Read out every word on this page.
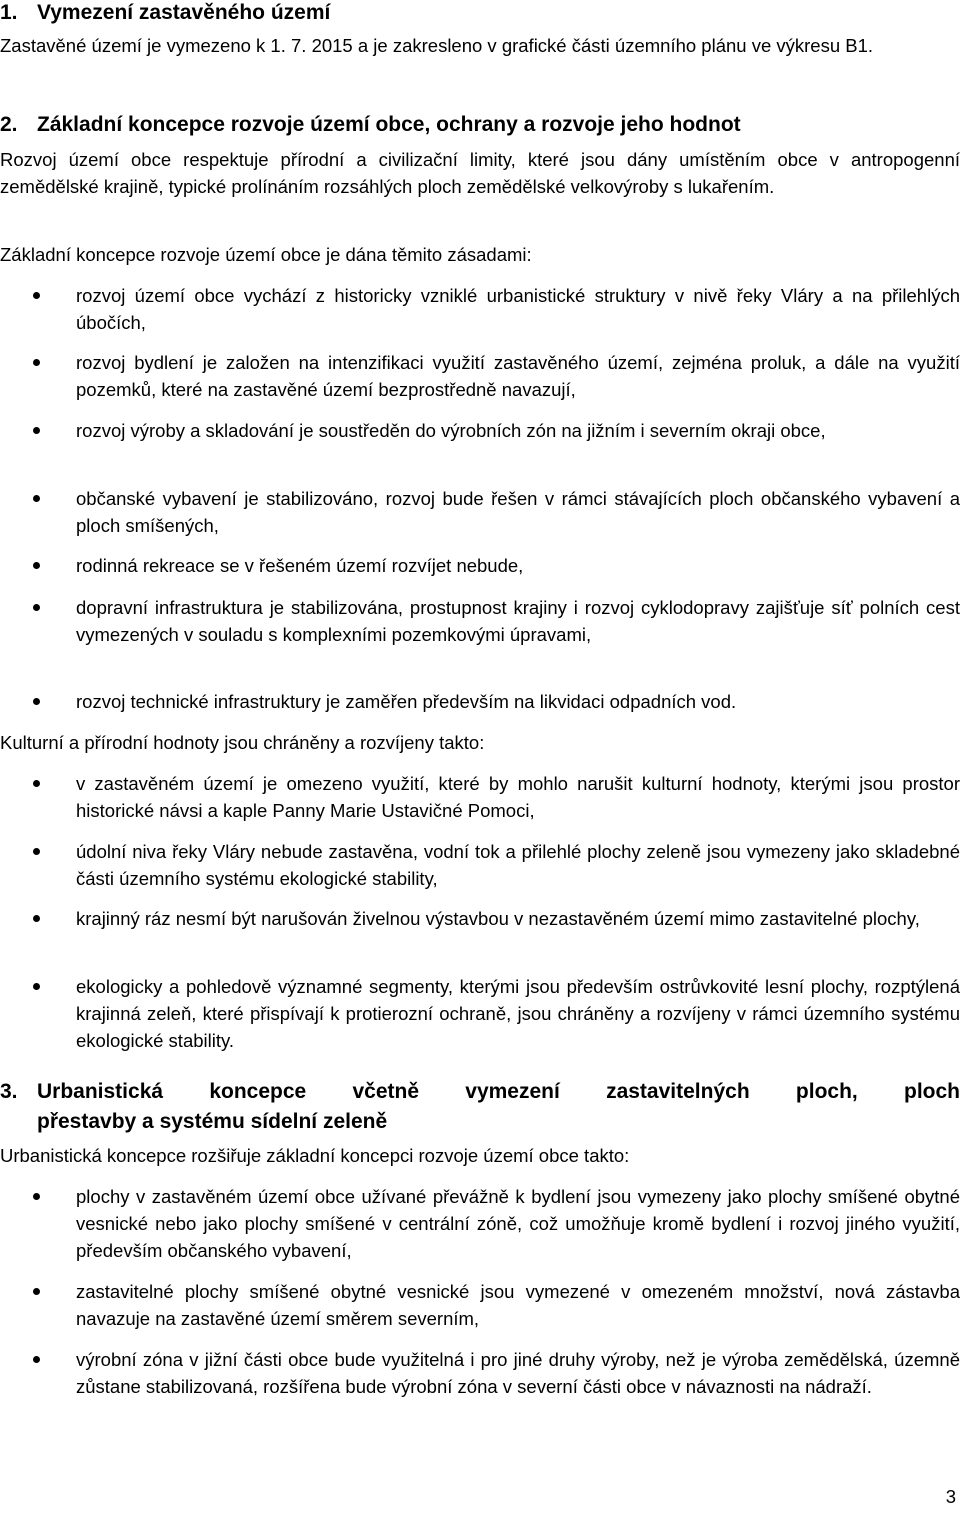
1. Vymezení zastavěného území

Zastavěné území je vymezeno k 1. 7. 2015 a je zakresleno v grafické části územního plánu ve výkresu B1.

2. Základní koncepce rozvoje území obce, ochrany a rozvoje jeho hodnot

Rozvoj území obce respektuje přírodní a civilizační limity, které jsou dány umístěním obce v antropogenní zemědělské krajině, typické prolínáním rozsáhlých ploch zemědělské velkovýroby s lukařením.

Základní koncepce rozvoje území obce je dána těmito zásadami:

rozvoj území obce vychází z historicky vzniklé urbanistické struktury v nivě řeky Vláry a na přilehlých úbočích,
rozvoj bydlení je založen na intenzifikaci využití zastavěného území, zejména proluk, a dále na využití pozemků, které na zastavěné území bezprostředně navazují,
rozvoj výroby a skladování je soustředěn do výrobních zón na jižním i severním okraji obce,
občanské vybavení je stabilizováno, rozvoj bude řešen v rámci stávajících ploch občanského vybavení a ploch smíšených,
rodinná rekreace se v řešeném území rozvíjet nebude,
dopravní infrastruktura je stabilizována, prostupnost krajiny i rozvoj cyklodopravy zajišťuje síť polních cest vymezených v souladu s komplexními pozemkovými úpravami,
rozvoj technické infrastruktury je zaměřen především na likvidaci odpadních vod.

Kulturní a přírodní hodnoty jsou chráněny a rozvíjeny takto:

v zastavěném území je omezeno využití, které by mohlo narušit kulturní hodnoty, kterými jsou prostor historické návsi a kaple Panny Marie Ustavičné Pomoci,
údolní niva řeky Vláry nebude zastavěna, vodní tok a přilehlé plochy zeleně jsou vymezeny jako skladebné části územního systému ekologické stability,
krajinný ráz nesmí být narušován živelnou výstavbou v nezastavěném území mimo zastavitelné plochy,
ekologicky a pohledově významné segmenty, kterými jsou především ostrůvkovité lesní plochy, rozptýlená krajinná zeleň, které přispívají k protierozní ochraně, jsou chráněny a rozvíjeny v rámci územního systému ekologické stability.
3. Urbanistická koncepce včetně vymezení zastavitelných ploch, ploch
přestavby a systému sídelní zeleně

Urbanistická koncepce rozšiřuje základní koncepci rozvoje území obce takto:

plochy v zastavěném území obce užívané převážně k bydlení jsou vymezeny jako plochy smíšené obytné vesnické nebo jako plochy smíšené v centrální zóně, což umožňuje kromě bydlení i rozvoj jiného využití, především občanského vybavení,
zastavitelné plochy smíšené obytné vesnické jsou vymezené v omezeném množství, nová zástavba navazuje na zastavěné území směrem severním,
výrobní zóna v jižní části obce bude využitelná i pro jiné druhy výroby, než je výroba zemědělská, územně zůstane stabilizovaná, rozšířena bude výrobní zóna v severní části obce v návaznosti na nádraží.
3
